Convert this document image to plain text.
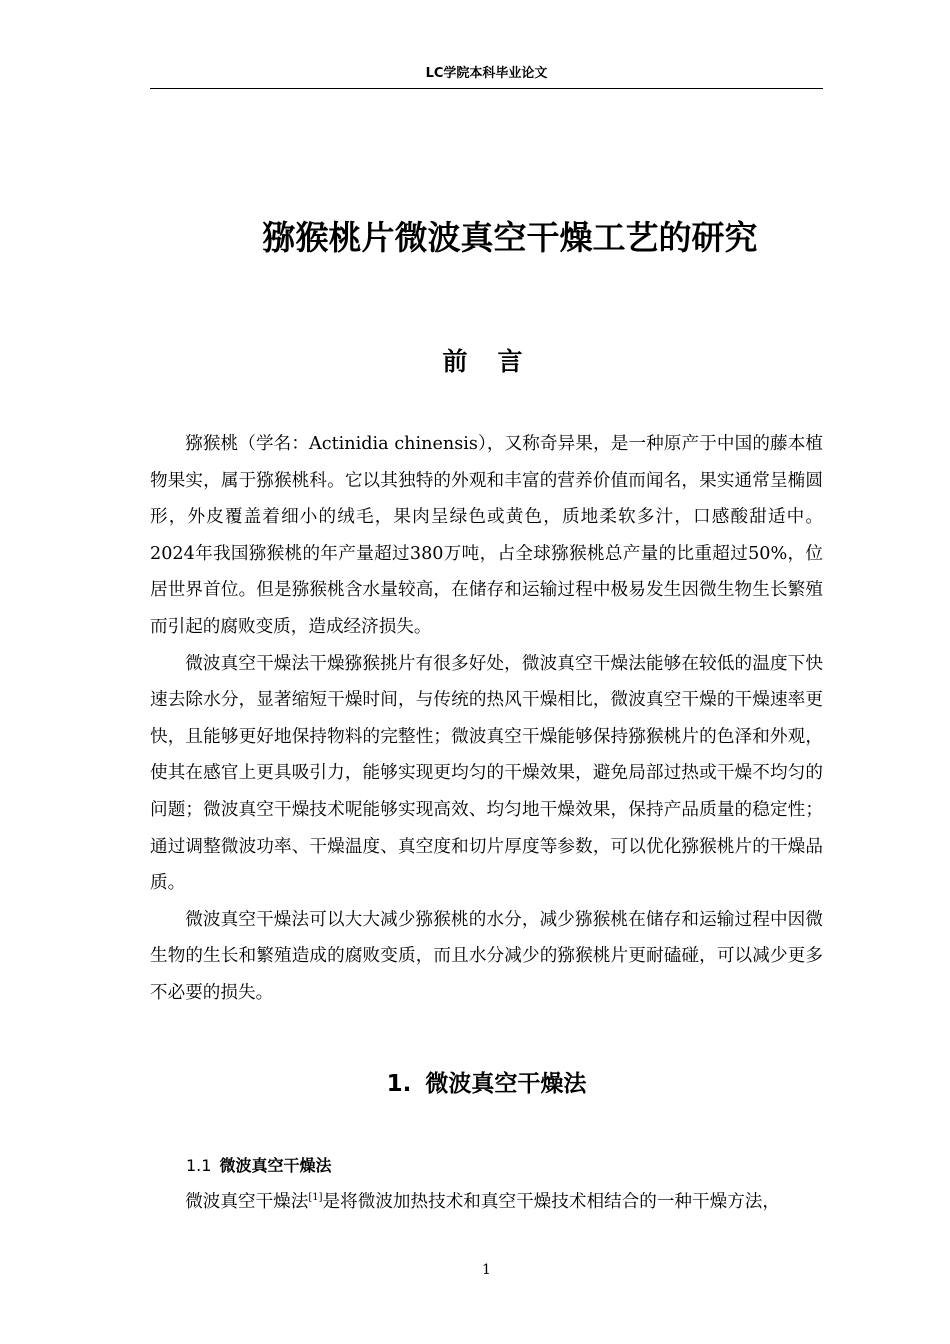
LC学院本科毕业论文
猕猴桃片微波真空干燥工艺的研究
前言

猕猴桃（学名：Actinidia chinensis），又称奇异果，是一种原产于中国的藤本植物果实，属于猕猴桃科。它以其独特的外观和丰富的营养价值而闻名，果实通常呈椭圆形，外皮覆盖着细小的绒毛，果肉呈绿色或黄色，质地柔软多汁，口感酸甜适中。2024年我国猕猴桃的年产量超过380万吨，占全球猕猴桃总产量的比重超过50%，位居世界首位。但是猕猴桃含水量较高，在储存和运输过程中极易发生因微生物生长繁殖而引起的腐败变质，造成经济损失。

微波真空干燥法干燥猕猴挑片有很多好处，微波真空干燥法能够在较低的温度下快速去除水分，显著缩短干燥时间，与传统的热风干燥相比，微波真空干燥的干燥速率更快，且能够更好地保持物料的完整性；微波真空干燥能够保持猕猴桃片的色泽和外观，使其在感官上更具吸引力，能够实现更均匀的干燥效果，避免局部过热或干燥不均匀的问题；微波真空干燥技术呢能够实现高效、均匀地干燥效果，保持产品质量的稳定性；通过调整微波功率、干燥温度、真空度和切片厚度等参数，可以优化猕猴桃片的干燥品质。

微波真空干燥法可以大大减少猕猴桃的水分，减少猕猴桃在储存和运输过程中因微生物的生长和繁殖造成的腐败变质，而且水分减少的猕猴桃片更耐磕碰，可以减少更多不必要的损失。

1. 微波真空干燥法
1.1 微波真空干燥法

微波真空干燥法[1]是将微波加热技术和真空干燥技术相结合的一种干燥方法，

1
